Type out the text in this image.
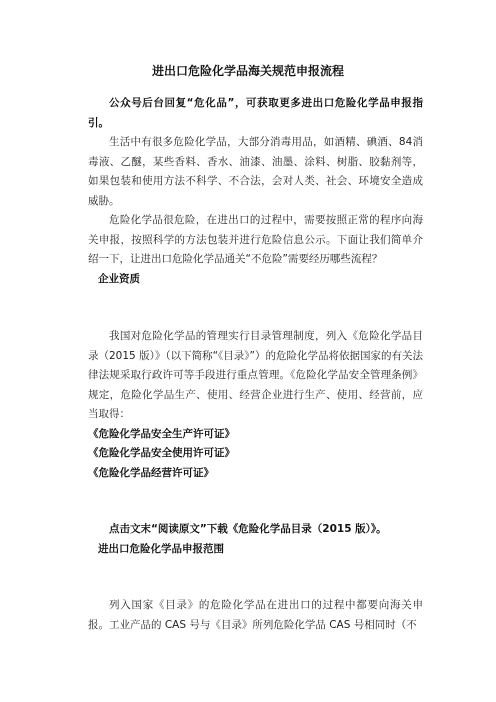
进出口危险化学品海关规范申报流程

公众号后台回复“危化品”，可获取更多进出口危险化学品申报指引。

生活中有很多危险化学品，大部分消毒用品，如酒精、碘酒、84消毒液、乙醚，某些香料、香水、油漆、油墨、涂料、树脂、胶黏剂等，如果包装和使用方法不科学、不合法，会对人类、社会、环境安全造成威胁。

危险化学品很危险，在进出口的过程中，需要按照正常的程序向海关申报，按照科学的方法包装并进行危险信息公示。下面让我们简单介绍一下，让进出口危险化学品通关“不危险”需要经历哪些流程？

企业资质

我国对危险化学品的管理实行目录管理制度，列入《危险化学品目录（2015 版）》（以下简称“《目录》”）的危险化学品将依据国家的有关法律法规采取行政许可等手段进行重点管理。《危险化学品安全管理条例》规定，危险化学品生产、使用、经营企业进行生产、使用、经营前，应当取得：

《危险化学品安全生产许可证》

《危险化学品安全使用许可证》

《危险化学品经营许可证》

点击文末“阅读原文”下载《危险化学品目录（2015 版）》。

进出口危险化学品申报范围

列入国家《目录》的危险化学品在进出口的过程中都要向海关申报。工业产品的 CAS 号与《目录》所列危险化学品 CAS 号相同时（不
